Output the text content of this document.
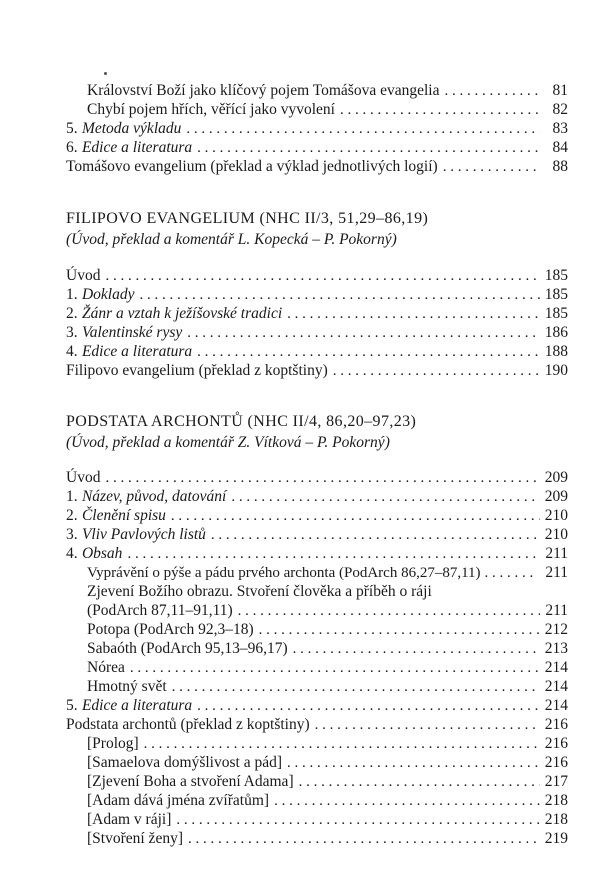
Království Boží jako klíčový pojem Tomášova evangelia . . .	81
Chybí pojem hřích, věřící jako vyvolení . . .	82
5. Metoda výkladu . . .	83
6. Edice a literatura . . .	84
Tomášovo evangelium (překlad a výklad jednotlivých logií) . . .	88
FILIPOVO EVANGELIUM (NHC II/3, 51,29–86,19)
(Úvod, překlad a komentář L. Kopecká – P. Pokorný)
Úvod . . .	185
1. Doklady . . .	185
2. Žánr a vztah k ježíšovské tradici . . .	185
3. Valentinské rysy . . .	186
4. Edice a literatura . . .	188
Filipovo evangelium (překlad z koptštiny) . . .	190
PODSTATA ARCHONTŮ (NHC II/4, 86,20–97,23)
(Úvod, překlad a komentář Z. Vítková – P. Pokorný)
Úvod . . .	209
1. Název, původ, datování . . .	209
2. Členění spisu . . .	210
3. Vliv Pavlových listů . . .	210
4. Obsah . . .	211
Vyprávění o pýše a pádu prvého archonta (PodArch 86,27–87,11) . . .	211
Zjevení Božího obrazu. Stvoření člověka a příběh o ráji
(PodArch 87,11–91,11) . . .	211
Potopa (PodArch 92,3–18) . . .	212
Sabaóth (PodArch 95,13–96,17) . . .	213
Nórea . . .	214
Hmotný svět . . .	214
5. Edice a literatura . . .	214
Podstata archontů (překlad z koptštiny) . . .	216
[Prolog] . . .	216
[Samaelova domýšlivost a pád] . . .	216
[Zjevení Boha a stvoření Adama] . . .	217
[Adam dává jména zvířatům] . . .	218
[Adam v ráji] . . .	218
[Stvoření ženy] . . .	219
